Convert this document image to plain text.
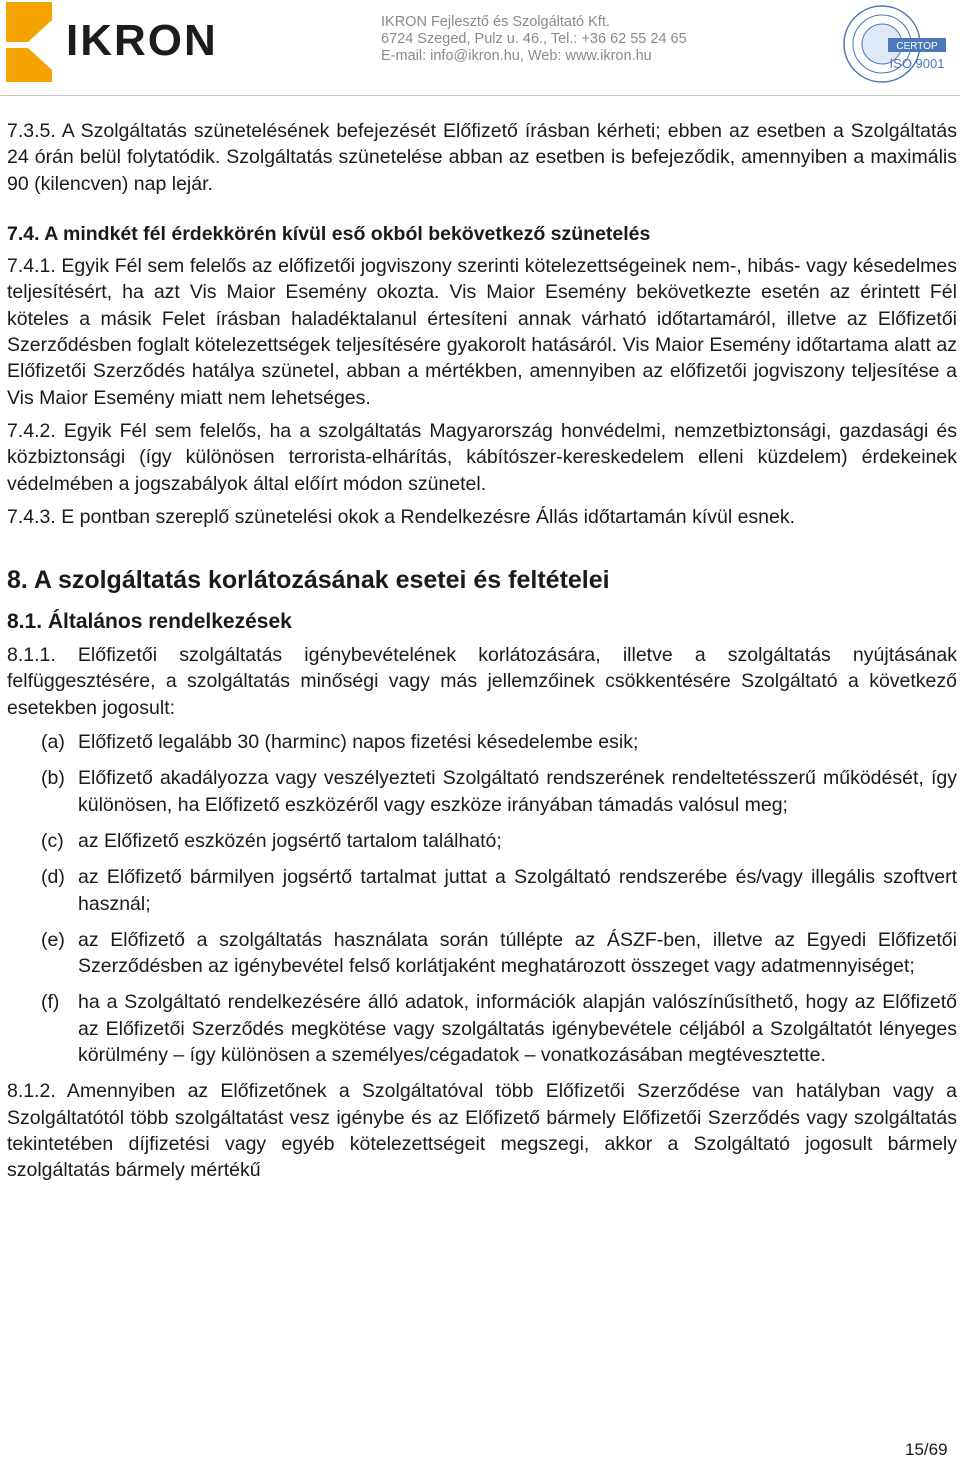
IKRON	IKRON Fejlesztő és Szolgáltató Kft.
6724 Szeged, Pulz u. 46., Tel.: +36 62 55 24 65
E-mail: info@ikron.hu, Web: www.ikron.hu
CERTOP
ISO 9001

7.3.5. A Szolgáltatás szünetelésének befejezését Előfizető írásban kérheti; ebben az esetben a Szolgáltatás 24 órán belül folytatódik. Szolgáltatás szünetelése abban az esetben is befejeződik, amennyiben a maximális 90 (kilencven) nap lejár.

7.4. A mindkét fél érdekkörén kívül eső okból bekövetkező szünetelés

7.4.1. Egyik Fél sem felelős az előfizetői jogviszony szerinti kötelezettségeinek nem-, hibás- vagy késedelmes teljesítésért, ha azt Vis Maior Esemény okozta. Vis Maior Esemény bekövetkezte esetén az érintett Fél köteles a másik Felet írásban haladéktalanul értesíteni annak várható időtartamáról, illetve az Előfizetői Szerződésben foglalt kötelezettségek teljesítésére gyakorolt hatásáról. Vis Maior Esemény időtartama alatt az Előfizetői Szerződés hatálya szünetel, abban a mértékben, amennyiben az előfizetői jogviszony teljesítése a Vis Maior Esemény miatt nem lehetséges.

7.4.2. Egyik Fél sem felelős, ha a szolgáltatás Magyarország honvédelmi, nemzetbiztonsági, gazdasági és közbiztonsági (így különösen terrorista-elhárítás, kábítószer-kereskedelem elleni küzdelem) érdekeinek védelmében a jogszabályok által előírt módon szünetel.

7.4.3. E pontban szereplő szünetelési okok a Rendelkezésre Állás időtartamán kívül esnek.

8. A szolgáltatás korlátozásának esetei és feltételei
8.1. Általános rendelkezések

8.1.1. Előfizetői szolgáltatás igénybevételének korlátozására, illetve a szolgáltatás nyújtásának felfüggesztésére, a szolgáltatás minőségi vagy más jellemzőinek csökkentésére Szolgáltató a következő esetekben jogosult:

(a) Előfizető legalább 30 (harminc) napos fizetési késedelembe esik;
(b) Előfizető akadályozza vagy veszélyezteti Szolgáltató rendszerének rendeltetésszerű működését, így különösen, ha Előfizető eszközéről vagy eszköze irányában támadás valósul meg;
(c) az Előfizető eszközén jogsértő tartalom található;
(d) az Előfizető bármilyen jogsértő tartalmat juttat a Szolgáltató rendszerébe és/vagy illegális szoftvert használ;
(e) az Előfizető a szolgáltatás használata során túllépte az ÁSZF-ben, illetve az Egyedi Előfizetői Szerződésben az igénybevétel felső korlátjaként meghatározott összeget vagy adatmennyiséget;
(f) ha a Szolgáltató rendelkezésére álló adatok, információk alapján valószínűsíthető, hogy az Előfizető az Előfizetői Szerződés megkötése vagy szolgáltatás igénybevétele céljából a Szolgáltatót lényeges körülmény – így különösen a személyes/cégadatok – vonatkozásában megtévesztette.

8.1.2. Amennyiben az Előfizetőnek a Szolgáltatóval több Előfizetői Szerződése van hatályban vagy a Szolgáltatótól több szolgáltatást vesz igénybe és az Előfizető bármely Előfizetői Szerződés vagy szolgáltatás tekintetében díjfizetési vagy egyéb kötelezettségeit megszegi, akkor a Szolgáltató jogosult bármely szolgáltatás bármely mértékű

15/69
